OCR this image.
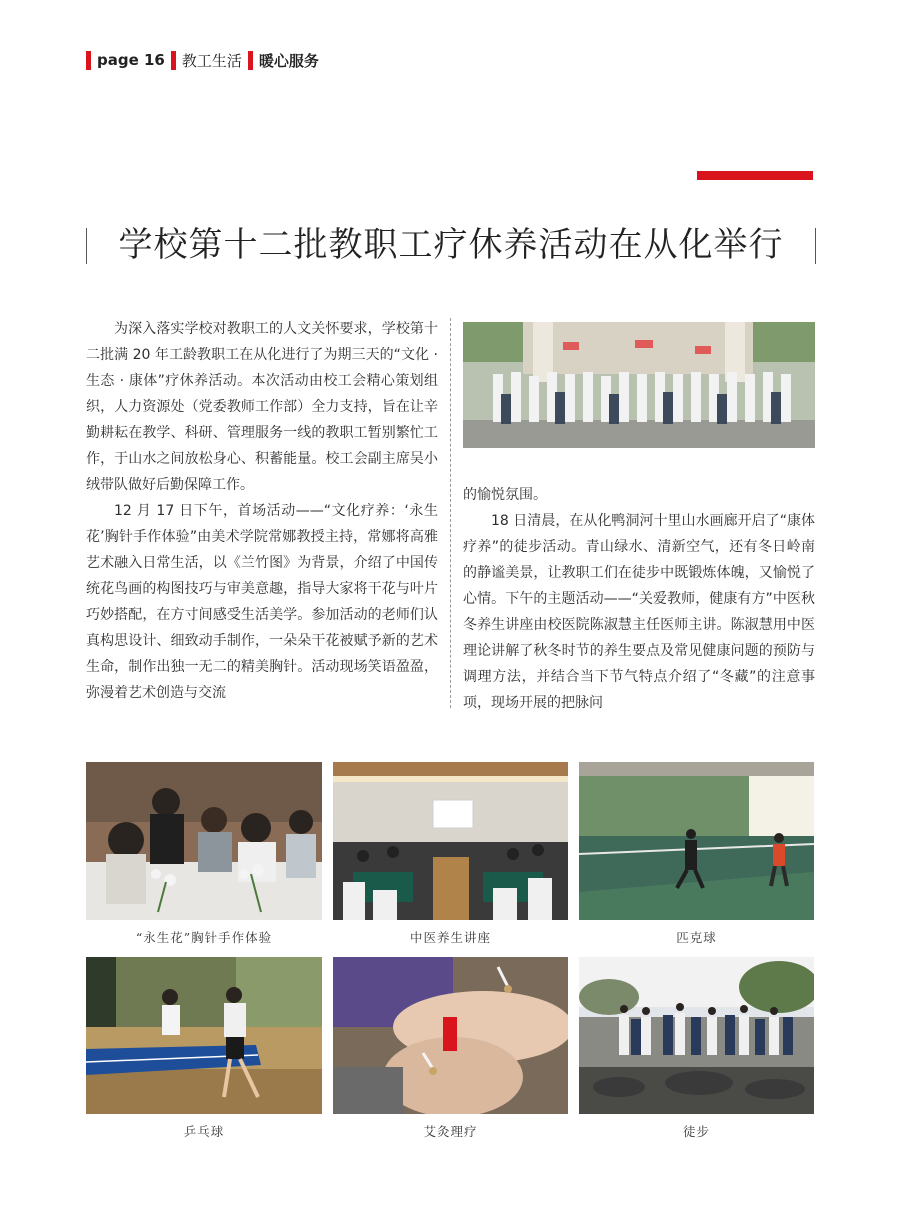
page 16	教工生活	暖心服务
学校第十二批教职工疗休养活动在从化举行

为深入落实学校对教职工的人文关怀要求，学校第十二批满 20 年工龄教职工在从化进行了为期三天的“文化 · 生态 · 康体”疗休养活动。本次活动由校工会精心策划组织，人力资源处（党委教师工作部）全力支持，旨在让辛勤耕耘在教学、科研、管理服务一线的教职工暂别繁忙工作，于山水之间放松身心、积蓄能量。校工会副主席吴小绒带队做好后勤保障工作。

12 月 17 日下午，首场活动——“文化疗养：‘永生花’胸针手作体验”由美术学院常娜教授主持，常娜将高雅艺术融入日常生活，以《兰竹图》为背景，介绍了中国传统花鸟画的构图技巧与审美意趣，指导大家将干花与叶片巧妙搭配，在方寸间感受生活美学。参加活动的老师们认真构思设计、细致动手制作，一朵朵干花被赋予新的艺术生命，制作出独一无二的精美胸针。活动现场笑语盈盈，弥漫着艺术创造与交流

的愉悦氛围。

18 日清晨，在从化鸭洞河十里山水画廊开启了“康体疗养”的徒步活动。青山绿水、清新空气，还有冬日岭南的静谧美景，让教职工们在徒步中既锻炼体魄，又愉悦了心情。下午的主题活动——“关爱教师，健康有方”中医秋冬养生讲座由校医院陈淑慧主任医师主讲。陈淑慧用中医理论讲解了秋冬时节的养生要点及常见健康问题的预防与调理方法，并结合当下节气特点介绍了“冬藏”的注意事项，现场开展的把脉问

“永生花”胸针手作体验	中医养生讲座	匹克球
乒乓球	艾灸理疗	徒步
